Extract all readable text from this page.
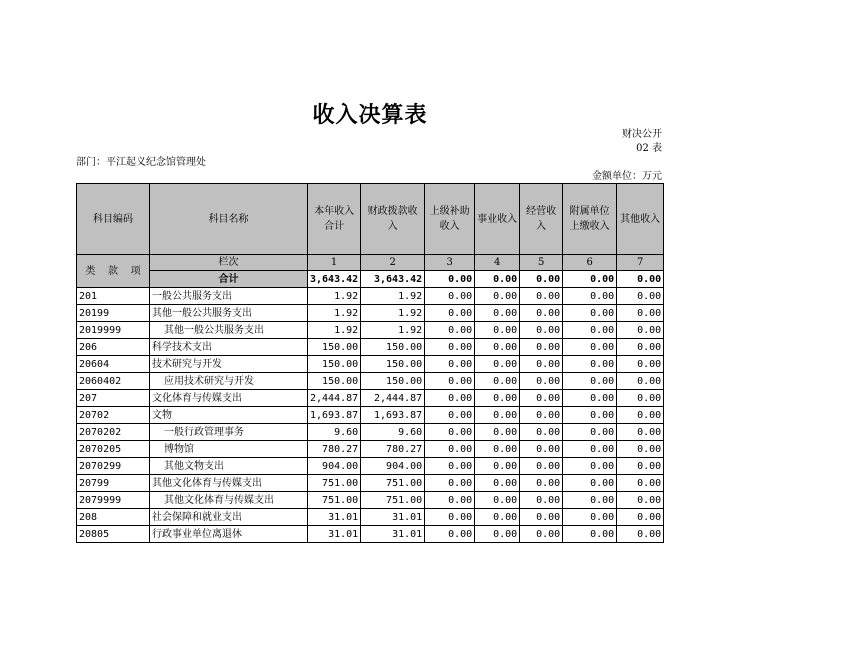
收入决算表
财决公开
02 表
部门：平江起义纪念馆管理处
金额单位：万元
科目编码	科目名称	本年收入合计	财政拨款收入	上级补助收入	事业收入	经营收入	附属单位上缴收入	其他收入

类 款 项	栏次	1	2	3	4	5	6	7
	合计	3,643.42	3,643.42	0.00	0.00	0.00	0.00	0.00
201	一般公共服务支出	1.92	1.92	0.00	0.00	0.00	0.00	0.00
20199	其他一般公共服务支出	1.92	1.92	0.00	0.00	0.00	0.00	0.00
2019999	其他一般公共服务支出	1.92	1.92	0.00	0.00	0.00	0.00	0.00
206	科学技术支出	150.00	150.00	0.00	0.00	0.00	0.00	0.00
20604	技术研究与开发	150.00	150.00	0.00	0.00	0.00	0.00	0.00
2060402	应用技术研究与开发	150.00	150.00	0.00	0.00	0.00	0.00	0.00
207	文化体育与传媒支出	2,444.87	2,444.87	0.00	0.00	0.00	0.00	0.00
20702	文物	1,693.87	1,693.87	0.00	0.00	0.00	0.00	0.00
2070202	一般行政管理事务	9.60	9.60	0.00	0.00	0.00	0.00	0.00
2070205	博物馆	780.27	780.27	0.00	0.00	0.00	0.00	0.00
2070299	其他文物支出	904.00	904.00	0.00	0.00	0.00	0.00	0.00
20799	其他文化体育与传媒支出	751.00	751.00	0.00	0.00	0.00	0.00	0.00
2079999	其他文化体育与传媒支出	751.00	751.00	0.00	0.00	0.00	0.00	0.00
208	社会保障和就业支出	31.01	31.01	0.00	0.00	0.00	0.00	0.00
20805	行政事业单位离退休	31.01	31.01	0.00	0.00	0.00	0.00	0.00
